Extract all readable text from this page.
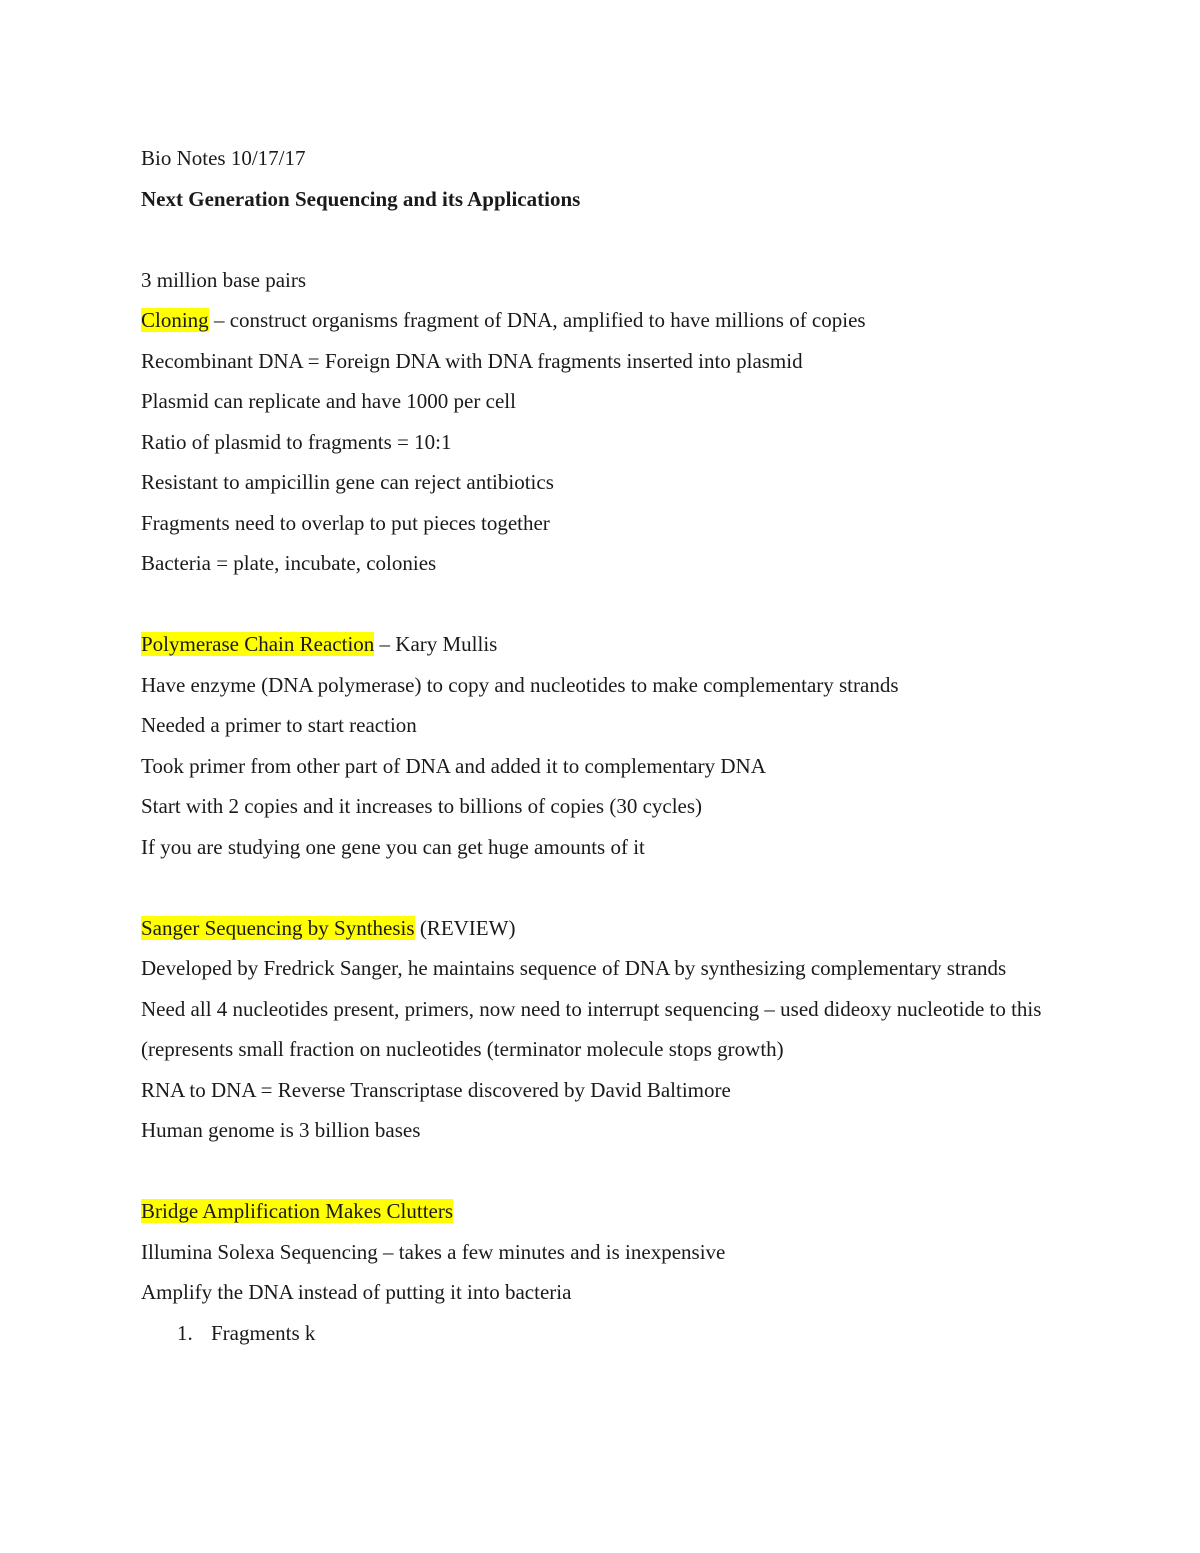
Bio Notes 10/17/17

Next Generation Sequencing and its Applications

3 million base pairs

Cloning – construct organisms fragment of DNA, amplified to have millions of copies

Recombinant DNA = Foreign DNA with DNA fragments inserted into plasmid

Plasmid can replicate and have 1000 per cell

Ratio of plasmid to fragments = 10:1

Resistant to ampicillin gene can reject antibiotics

Fragments need to overlap to put pieces together

Bacteria = plate, incubate, colonies

Polymerase Chain Reaction – Kary Mullis

Have enzyme (DNA polymerase) to copy and nucleotides to make complementary strands

Needed a primer to start reaction

Took primer from other part of DNA and added it to complementary DNA

Start with 2 copies and it increases to billions of copies (30 cycles)

If you are studying one gene you can get huge amounts of it

Sanger Sequencing by Synthesis (REVIEW)

Developed by Fredrick Sanger, he maintains sequence of DNA by synthesizing complementary strands

Need all 4 nucleotides present, primers, now need to interrupt sequencing – used dideoxy nucleotide to this (represents small fraction on nucleotides (terminator molecule stops growth)

RNA to DNA = Reverse Transcriptase discovered by David Baltimore

Human genome is 3 billion bases

Bridge Amplification Makes Clutters

Illumina Solexa Sequencing – takes a few minutes and is inexpensive

Amplify the DNA instead of putting it into bacteria

1. Fragments k
